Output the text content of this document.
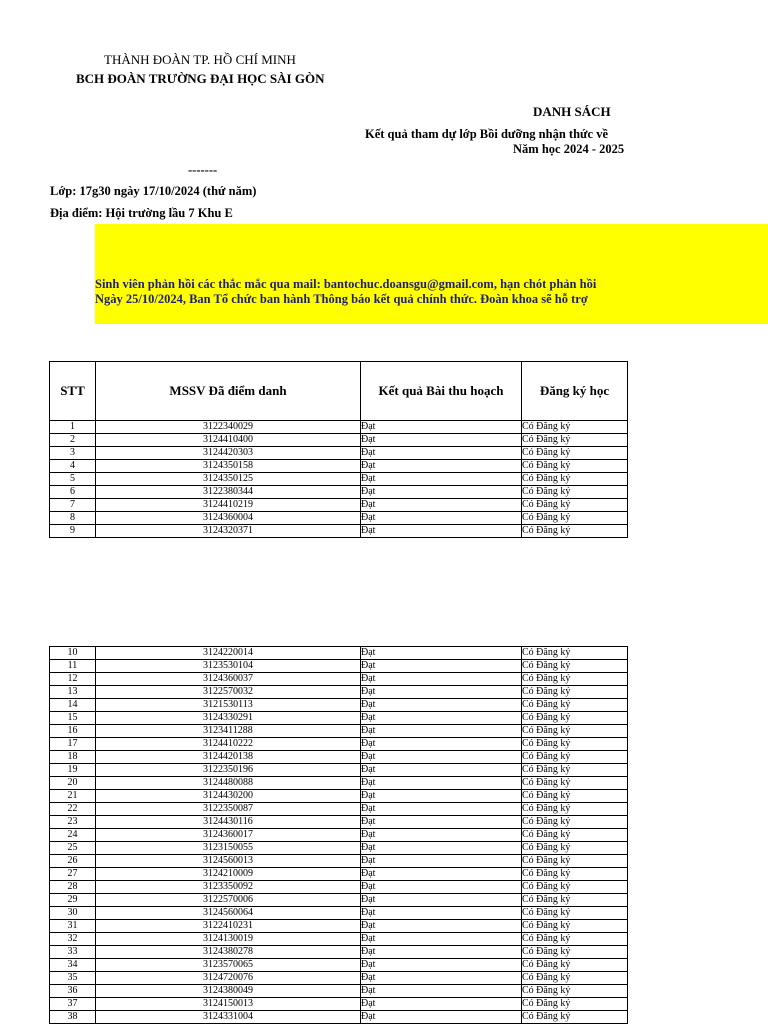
THÀNH ĐOÀN TP. HỒ CHÍ MINH
BCH ĐOÀN TRƯỜNG ĐẠI HỌC SÀI GÒN
DANH SÁCH
Kết quả tham dự lớp Bồi dưỡng nhận thức về
Năm học 2024 - 2025
-------
Lớp: 17g30 ngày 17/10/2024 (thứ năm)
Địa điểm: Hội trường lầu 7 Khu E
Sinh viên phản hồi các thắc mắc qua mail: bantochuc.doansgu@gmail.com, hạn chót phản hồi
Ngày 25/10/2024, Ban Tổ chức ban hành Thông báo kết quả chính thức. Đoàn khoa sẽ hỗ trợ
STT	MSSV Đã điểm danh	Kết quả Bài thu hoạch	Đăng ký học
1	3122340029	Đạt	Có Đăng ký
2	3124410400	Đạt	Có Đăng ký
3	3124420303	Đạt	Có Đăng ký
4	3124350158	Đạt	Có Đăng ký
5	3124350125	Đạt	Có Đăng ký
6	3122380344	Đạt	Có Đăng ký
7	3124410219	Đạt	Có Đăng ký
8	3124360004	Đạt	Có Đăng ký
9	3124320371	Đạt	Có Đăng ký
10	3124220014	Đạt	Có Đăng ký
11	3123530104	Đạt	Có Đăng ký
12	3124360037	Đạt	Có Đăng ký
13	3122570032	Đạt	Có Đăng ký
14	3121530113	Đạt	Có Đăng ký
15	3124330291	Đạt	Có Đăng ký
16	3123411288	Đạt	Có Đăng ký
17	3124410222	Đạt	Có Đăng ký
18	3124420138	Đạt	Có Đăng ký
19	3122350196	Đạt	Có Đăng ký
20	3124480088	Đạt	Có Đăng ký
21	3124430200	Đạt	Có Đăng ký
22	3122350087	Đạt	Có Đăng ký
23	3124430116	Đạt	Có Đăng ký
24	3124360017	Đạt	Có Đăng ký
25	3123150055	Đạt	Có Đăng ký
26	3124560013	Đạt	Có Đăng ký
27	3124210009	Đạt	Có Đăng ký
28	3123350092	Đạt	Có Đăng ký
29	3122570006	Đạt	Có Đăng ký
30	3124560064	Đạt	Có Đăng ký
31	3122410231	Đạt	Có Đăng ký
32	3124130019	Đạt	Có Đăng ký
33	3124380278	Đạt	Có Đăng ký
34	3123570065	Đạt	Có Đăng ký
35	3124720076	Đạt	Có Đăng ký
36	3124380049	Đạt	Có Đăng ký
37	3124150013	Đạt	Có Đăng ký
38	3124331004	Đạt	Có Đăng ký
